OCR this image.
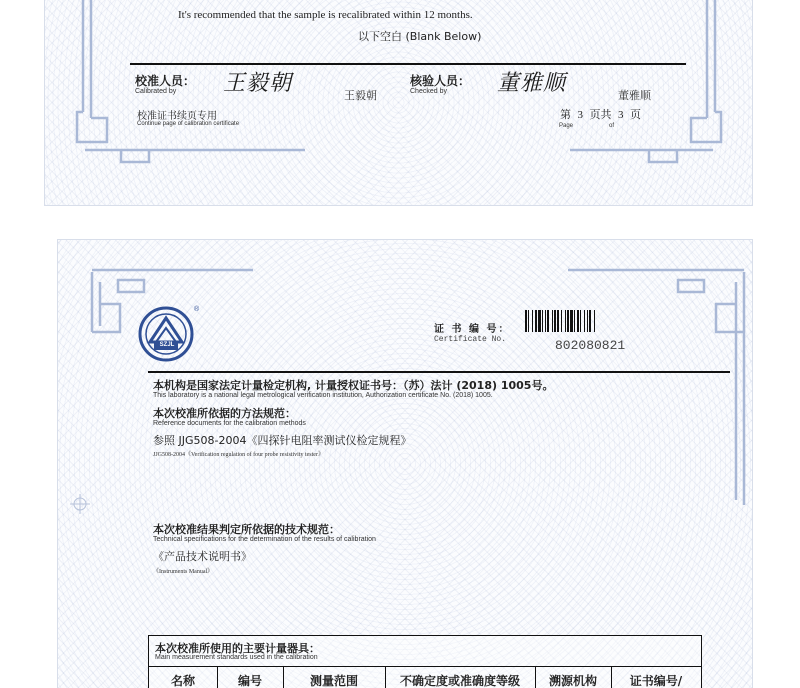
It's recommended that the sample is recalibrated within 12 months.
以下空白 (Blank Below)
校准人员：
Calibrated by 王毅朝	王毅朝
核验人员：
Checked by 董雅顺	董雅顺
校准证书续页专用
Continue page of calibration certificate
第 3 页共 3 页
Page	of
SZJL
®
证 书 编 号：
Certificate No.	802080821
本机构是国家法定计量检定机构, 计量授权证书号：（苏）法计 (2018) 1005号。
This laboratory is a national legal metrological verification institution, Authorization certificate No. (2018) 1005.
本次校准所依据的方法规范：
Reference documents for the calibration methods
参照 JJG508-2004《四探针电阻率测试仪检定规程》
JJG508-2004《Verification regulation of four probe resistivity tester》
本次校准结果判定所依据的技术规范：
Technical specifications for the determination of the results of calibration
《产品技术说明书》
《Instruments Manual》
本次校准所使用的主要计量器具：
Main measurement standards used in the calibration
名称	编号	测量范围	不确定度或准确度等级	溯源机构	证书编号/
